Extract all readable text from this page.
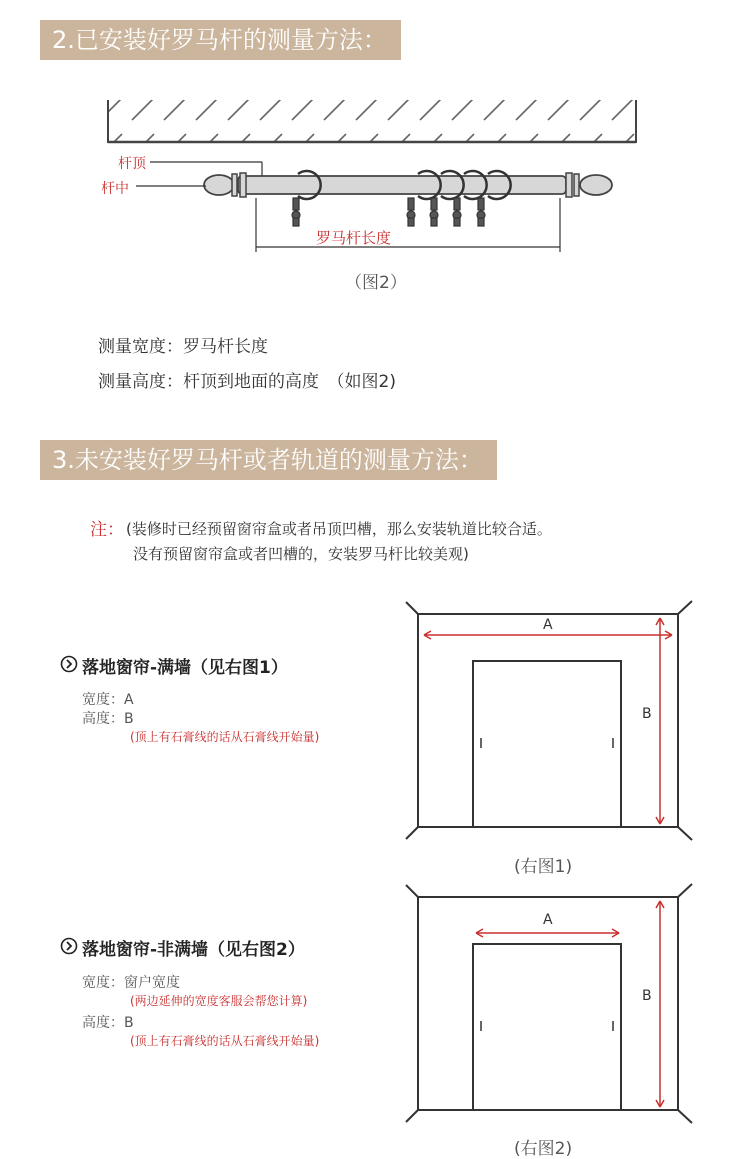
2.已安装好罗马杆的测量方法：
杆顶
杆中
罗马杆长度
（图2）
测量宽度：罗马杆长度
测量高度：杆顶到地面的高度　（如图2)
3.未安装好罗马杆或者轨道的测量方法：
注： (装修时已经预留窗帘盒或者吊顶凹槽，那么安装轨道比较合适。
没有预留窗帘盒或者凹槽的，安装罗马杆比较美观)
落地窗帘-满墙（见右图1）
宽度：A
高度：B
(顶上有石膏线的话从石膏线开始量)
A
B
(右图1)
落地窗帘-非满墙（见右图2）
宽度：窗户宽度
(两边延伸的宽度客服会帮您计算)
高度：B
(顶上有石膏线的话从石膏线开始量)
A
B
(右图2)
